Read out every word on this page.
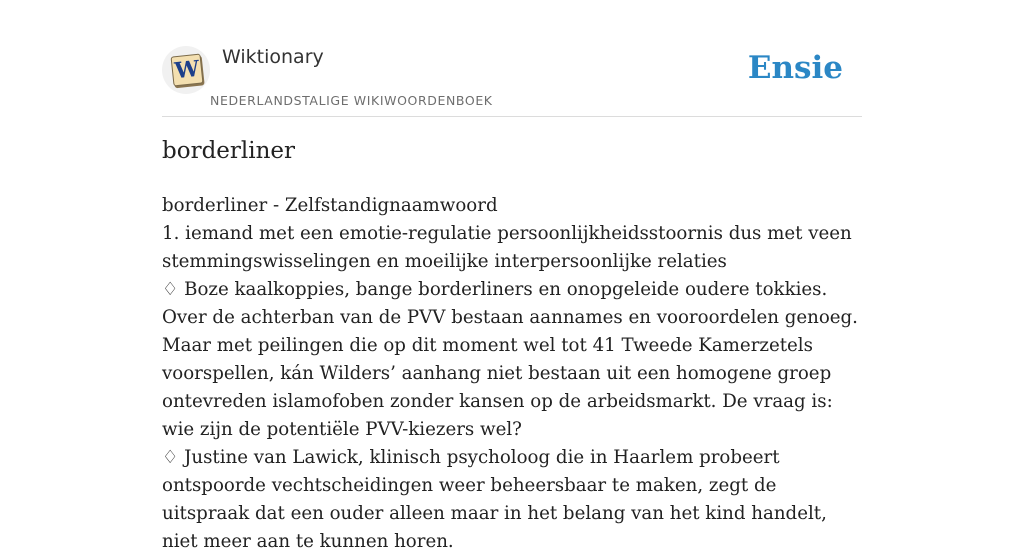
W Wiktionary
NEDERLANDSTALIGE WIKIWOORDENBOEK
Ensie
borderliner

borderliner - Zelfstandignaamwoord

1. iemand met een emotie-regulatie persoonlijkheidsstoornis dus met veen stemmingswisselingen en moeilijke interpersoonlijke relaties

♢ Boze kaalkoppies, bange borderliners en onopgeleide oudere tokkies. Over de achterban van de PVV bestaan aannames en vooroordelen genoeg. Maar met peilingen die op dit moment wel tot 41 Tweede Kamerzetels voorspellen, kán Wilders’ aanhang niet bestaan uit een homogene groep ontevreden islamofoben zonder kansen op de arbeidsmarkt. De vraag is: wie zijn de potentiële PVV-kiezers wel?

♢ Justine van Lawick, klinisch psycholoog die in Haarlem probeert ontspoorde vechtscheidingen weer beheersbaar te maken, zegt de uitspraak dat een ouder alleen maar in het belang van het kind handelt, niet meer aan te kunnen horen.
